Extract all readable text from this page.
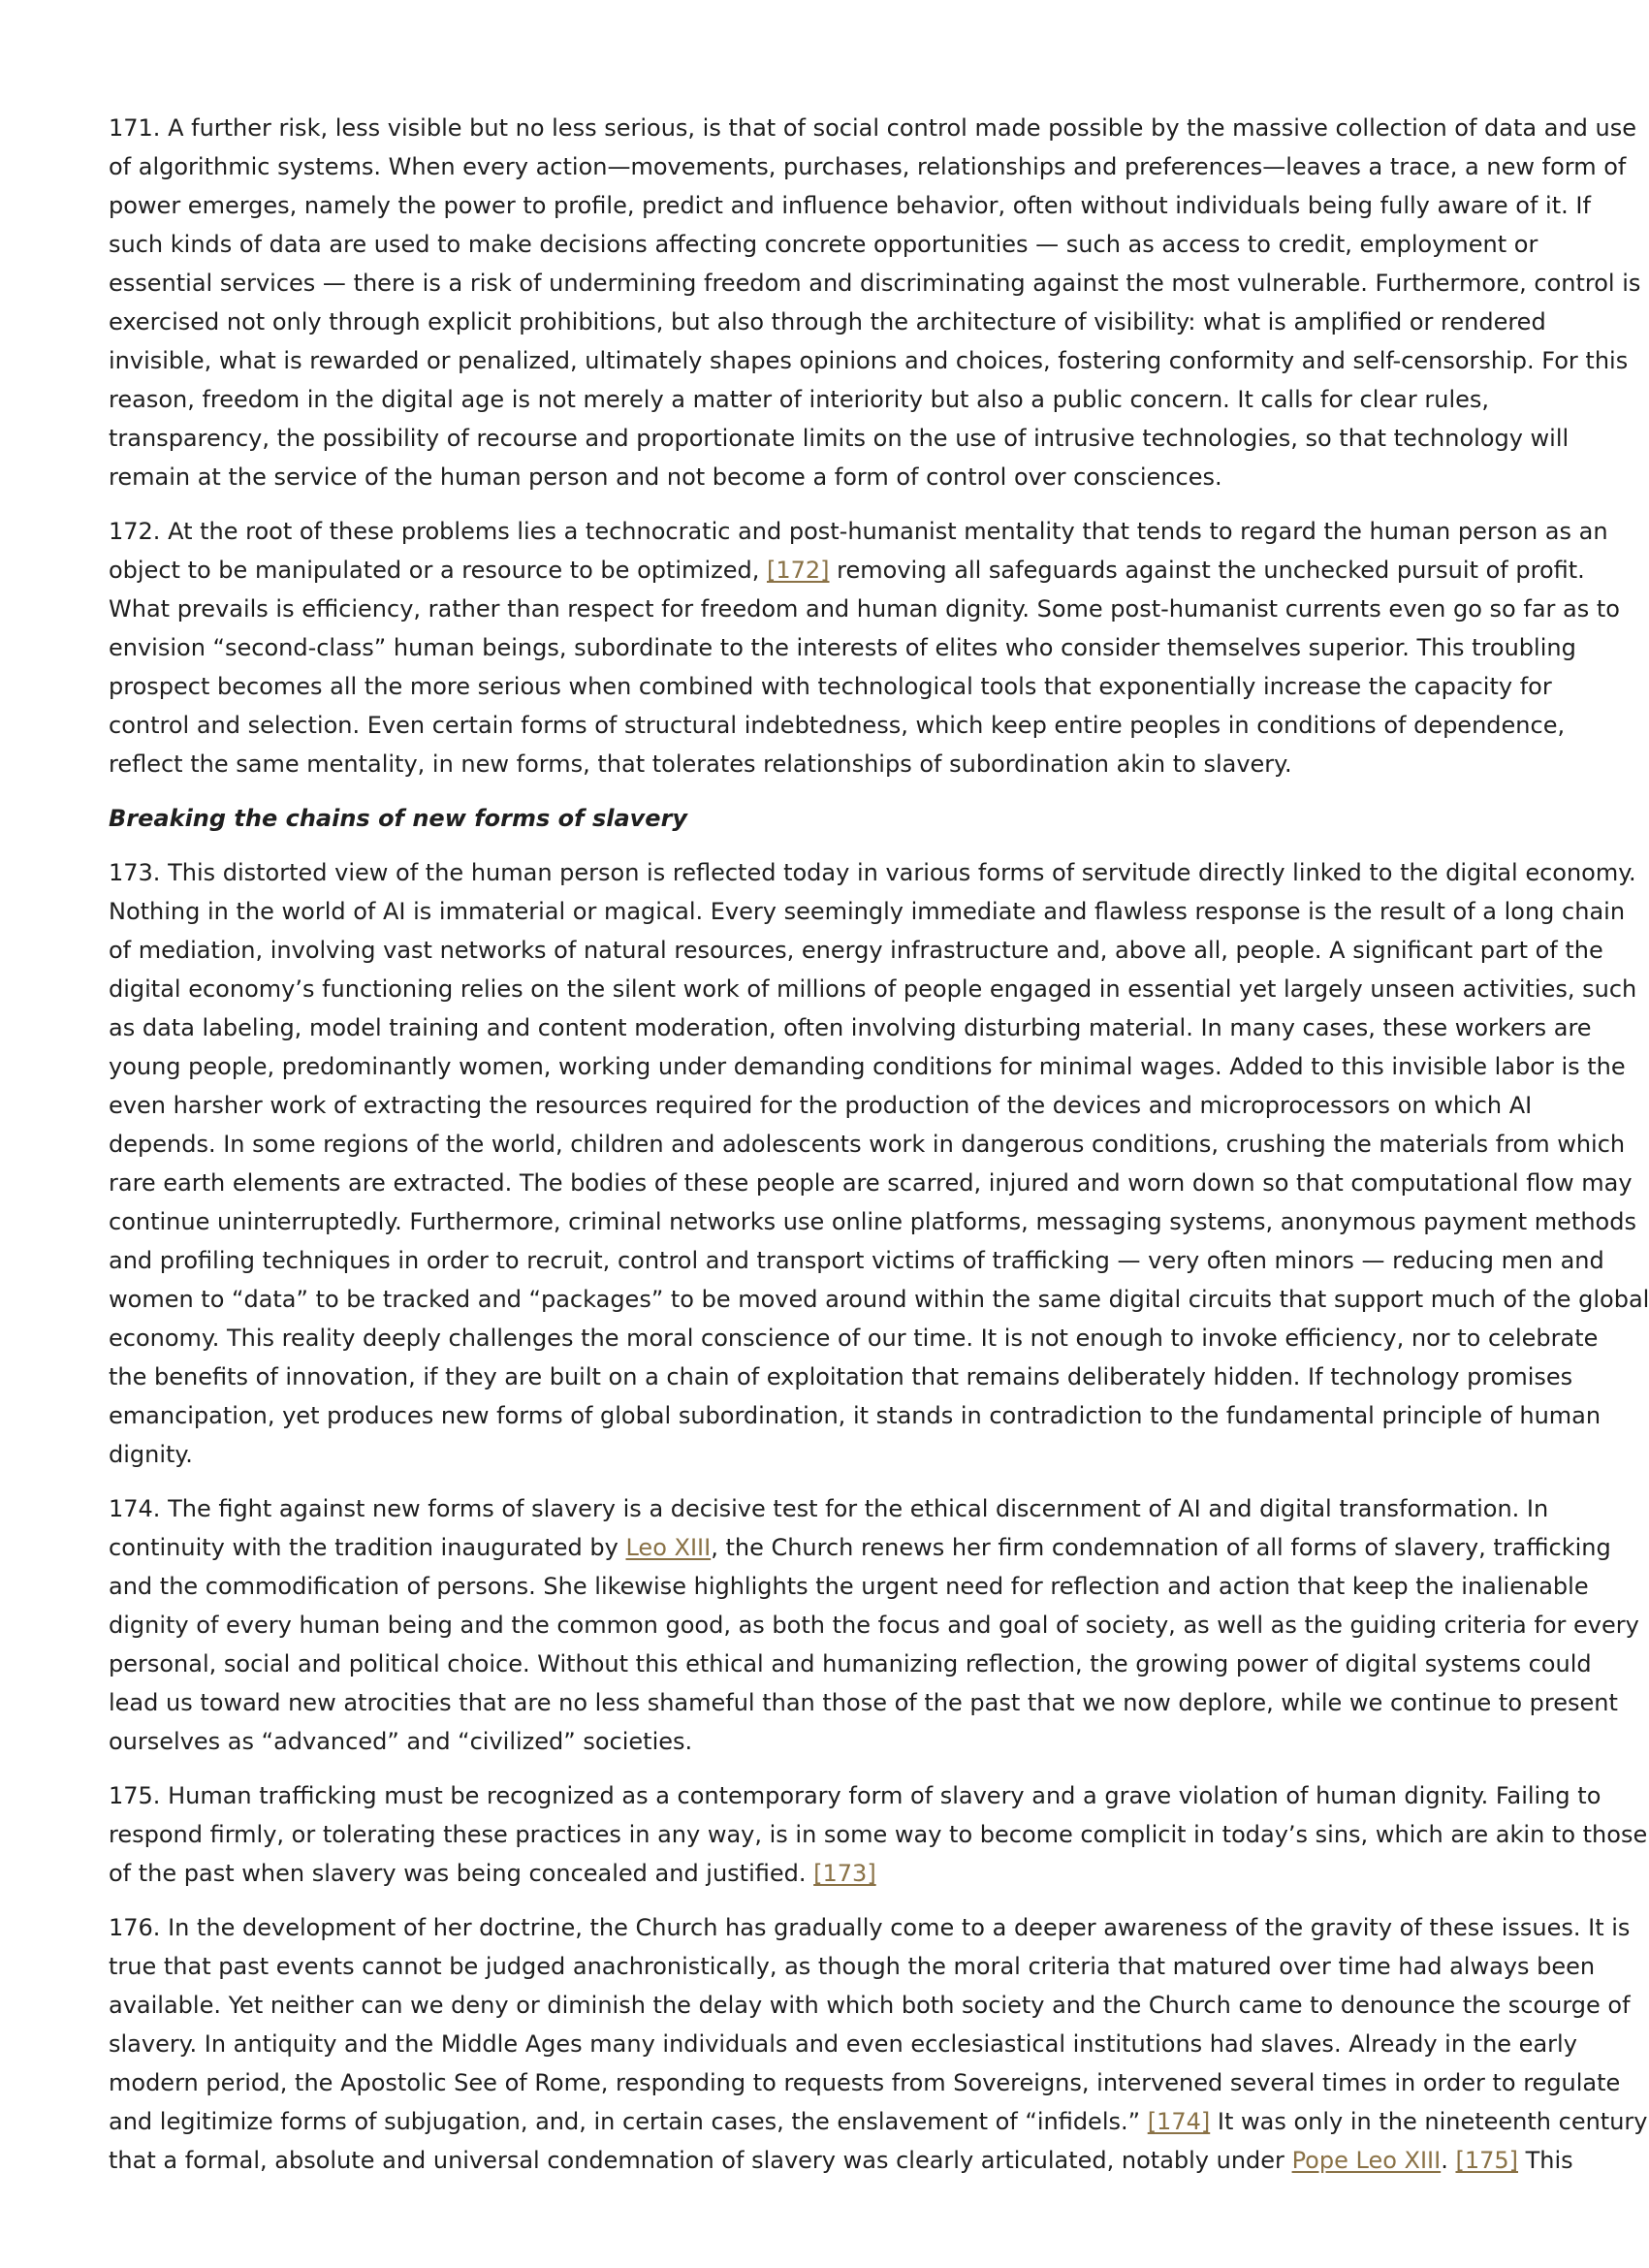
171. A further risk, less visible but no less serious, is that of social control made possible by the massive collection of data and use
of algorithmic systems. When every action—movements, purchases, relationships and preferences—leaves a trace, a new form of
power emerges, namely the power to profile, predict and influence behavior, often without individuals being fully aware of it. If
such kinds of data are used to make decisions affecting concrete opportunities — such as access to credit, employment or
essential services — there is a risk of undermining freedom and discriminating against the most vulnerable. Furthermore, control is
exercised not only through explicit prohibitions, but also through the architecture of visibility: what is amplified or rendered
invisible, what is rewarded or penalized, ultimately shapes opinions and choices, fostering conformity and self-censorship. For this
reason, freedom in the digital age is not merely a matter of interiority but also a public concern. It calls for clear rules,
transparency, the possibility of recourse and proportionate limits on the use of intrusive technologies, so that technology will
remain at the service of the human person and not become a form of control over consciences.
172. At the root of these problems lies a technocratic and post-humanist mentality that tends to regard the human person as an
object to be manipulated or a resource to be optimized, [172] removing all safeguards against the unchecked pursuit of profit.
What prevails is efficiency, rather than respect for freedom and human dignity. Some post-humanist currents even go so far as to
envision “second-class” human beings, subordinate to the interests of elites who consider themselves superior. This troubling
prospect becomes all the more serious when combined with technological tools that exponentially increase the capacity for
control and selection. Even certain forms of structural indebtedness, which keep entire peoples in conditions of dependence,
reflect the same mentality, in new forms, that tolerates relationships of subordination akin to slavery.
Breaking the chains of new forms of slavery
173. This distorted view of the human person is reflected today in various forms of servitude directly linked to the digital economy.
Nothing in the world of AI is immaterial or magical. Every seemingly immediate and flawless response is the result of a long chain
of mediation, involving vast networks of natural resources, energy infrastructure and, above all, people. A significant part of the
digital economy’s functioning relies on the silent work of millions of people engaged in essential yet largely unseen activities, such
as data labeling, model training and content moderation, often involving disturbing material. In many cases, these workers are
young people, predominantly women, working under demanding conditions for minimal wages. Added to this invisible labor is the
even harsher work of extracting the resources required for the production of the devices and microprocessors on which AI
depends. In some regions of the world, children and adolescents work in dangerous conditions, crushing the materials from which
rare earth elements are extracted. The bodies of these people are scarred, injured and worn down so that computational flow may
continue uninterruptedly. Furthermore, criminal networks use online platforms, messaging systems, anonymous payment methods
and profiling techniques in order to recruit, control and transport victims of trafficking — very often minors — reducing men and
women to “data” to be tracked and “packages” to be moved around within the same digital circuits that support much of the global
economy. This reality deeply challenges the moral conscience of our time. It is not enough to invoke efficiency, nor to celebrate
the benefits of innovation, if they are built on a chain of exploitation that remains deliberately hidden. If technology promises
emancipation, yet produces new forms of global subordination, it stands in contradiction to the fundamental principle of human
dignity.
174. The fight against new forms of slavery is a decisive test for the ethical discernment of AI and digital transformation. In
continuity with the tradition inaugurated by Leo XIII, the Church renews her firm condemnation of all forms of slavery, trafficking
and the commodification of persons. She likewise highlights the urgent need for reflection and action that keep the inalienable
dignity of every human being and the common good, as both the focus and goal of society, as well as the guiding criteria for every
personal, social and political choice. Without this ethical and humanizing reflection, the growing power of digital systems could
lead us toward new atrocities that are no less shameful than those of the past that we now deplore, while we continue to present
ourselves as “advanced” and “civilized” societies.
175. Human trafficking must be recognized as a contemporary form of slavery and a grave violation of human dignity. Failing to
respond firmly, or tolerating these practices in any way, is in some way to become complicit in today’s sins, which are akin to those
of the past when slavery was being concealed and justified. [173]
176. In the development of her doctrine, the Church has gradually come to a deeper awareness of the gravity of these issues. It is
true that past events cannot be judged anachronistically, as though the moral criteria that matured over time had always been
available. Yet neither can we deny or diminish the delay with which both society and the Church came to denounce the scourge of
slavery. In antiquity and the Middle Ages many individuals and even ecclesiastical institutions had slaves. Already in the early
modern period, the Apostolic See of Rome, responding to requests from Sovereigns, intervened several times in order to regulate
and legitimize forms of subjugation, and, in certain cases, the enslavement of “infidels.” [174] It was only in the nineteenth century
that a formal, absolute and universal condemnation of slavery was clearly articulated, notably under Pope Leo XIII. [175] This
